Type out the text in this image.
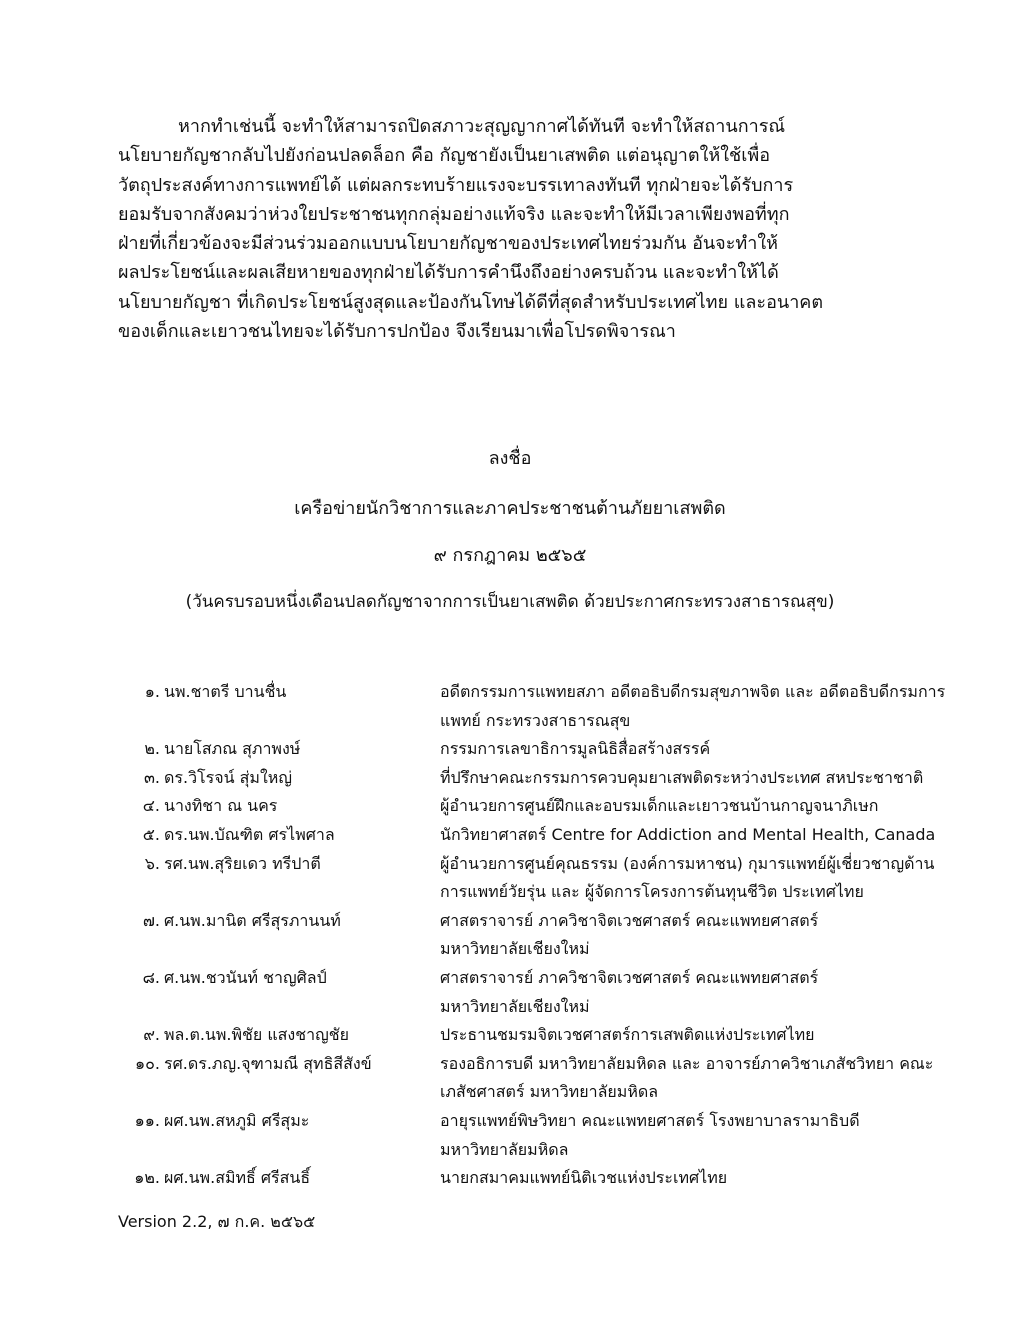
หากทำเช่นนี้ จะทำให้สามารถปิดสภาวะสุญญากาศได้ทันที จะทำให้สถานการณ์
นโยบายกัญชากลับไปยังก่อนปลดล็อก คือ กัญชายังเป็นยาเสพติด แต่อนุญาตให้ใช้เพื่อ
วัตถุประสงค์ทางการแพทย์ได้ แต่ผลกระทบร้ายแรงจะบรรเทาลงทันที ทุกฝ่ายจะได้รับการ
ยอมรับจากสังคมว่าห่วงใยประชาชนทุกกลุ่มอย่างแท้จริง และจะทำให้มีเวลาเพียงพอที่ทุก
ฝ่ายที่เกี่ยวข้องจะมีส่วนร่วมออกแบบนโยบายกัญชาของประเทศไทยร่วมกัน อันจะทำให้
ผลประโยชน์และผลเสียหายของทุกฝ่ายได้รับการคำนึงถึงอย่างครบถ้วน และจะทำให้ได้
นโยบายกัญชา ที่เกิดประโยชน์สูงสุดและป้องกันโทษได้ดีที่สุดสำหรับประเทศไทย และอนาคต
ของเด็กและเยาวชนไทยจะได้รับการปกป้อง จึงเรียนมาเพื่อโปรดพิจารณา
ลงชื่อ
เครือข่ายนักวิชาการและภาคประชาชนต้านภัยยาเสพติด
๙ กรกฎาคม ๒๕๖๕
(วันครบรอบหนึ่งเดือนปลดกัญชาจากการเป็นยาเสพติด ด้วยประกาศกระทรวงสาธารณสุข)
๑. นพ.ชาตรี บานชื่น	อดีตกรรมการแพทยสภา อดีตอธิบดีกรมสุขภาพจิต และ อดีตอธิบดีกรมการ
แพทย์ กระทรวงสาธารณสุข
๒. นายโสภณ สุภาพงษ์	กรรมการเลขาธิการมูลนิธิสื่อสร้างสรรค์
๓. ดร.วิโรจน์ สุ่มใหญ่	ที่ปรึกษาคณะกรรมการควบคุมยาเสพติดระหว่างประเทศ สหประชาชาติ
๔. นางทิชา ณ นคร	ผู้อำนวยการศูนย์ฝึกและอบรมเด็กและเยาวชนบ้านกาญจนาภิเษก
๕. ดร.นพ.บัณฑิต ศรไพศาล	นักวิทยาศาสตร์ Centre for Addiction and Mental Health, Canada
๖. รศ.นพ.สุริยเดว ทรีปาตี	ผู้อำนวยการศูนย์คุณธรรม (องค์การมหาชน) กุมารแพทย์ผู้เชี่ยวชาญด้าน
การแพทย์วัยรุ่น และ ผู้จัดการโครงการต้นทุนชีวิต ประเทศไทย
๗. ศ.นพ.มานิต ศรีสุรภานนท์	ศาสตราจารย์ ภาควิชาจิตเวชศาสตร์ คณะแพทยศาสตร์
มหาวิทยาลัยเชียงใหม่
๘. ศ.นพ.ชวนันท์ ชาญศิลป์	ศาสตราจารย์ ภาควิชาจิตเวชศาสตร์ คณะแพทยศาสตร์
มหาวิทยาลัยเชียงใหม่
๙. พล.ต.นพ.พิชัย แสงชาญชัย	ประธานชมรมจิตเวชศาสตร์การเสพติดแห่งประเทศไทย
๑๐. รศ.ดร.ภญ.จุฑามณี สุทธิสีสังข์	รองอธิการบดี มหาวิทยาลัยมหิดล และ อาจารย์ภาควิชาเภสัชวิทยา คณะ
เภสัชศาสตร์ มหาวิทยาลัยมหิดล
๑๑. ผศ.นพ.สหภูมิ ศรีสุมะ	อายุรแพทย์พิษวิทยา คณะแพทยศาสตร์ โรงพยาบาลรามาธิบดี
มหาวิทยาลัยมหิดล
๑๒. ผศ.นพ.สมิทธิ์ ศรีสนธิ์	นายกสมาคมแพทย์นิติเวชแห่งประเทศไทย
Version 2.2, ๗ ก.ค. ๒๕๖๕
